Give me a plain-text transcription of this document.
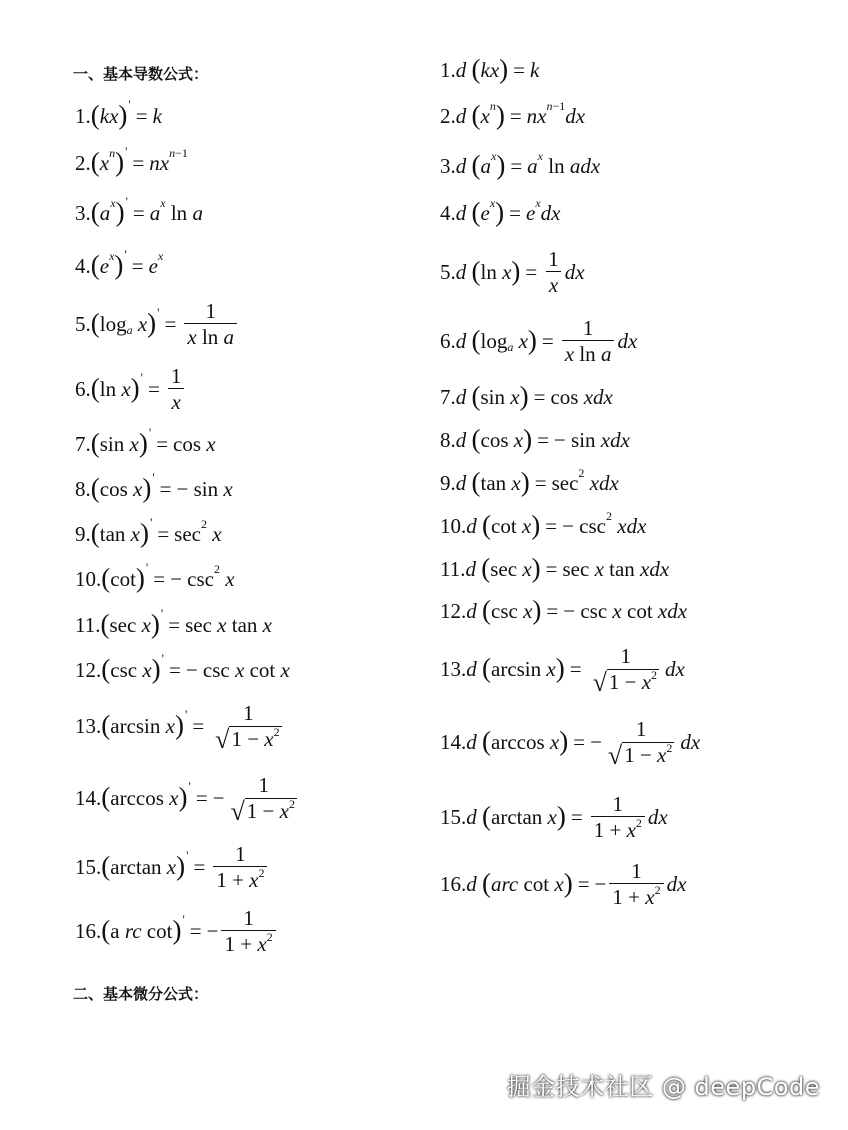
一、基本导数公式：
1. ( kx ) ' = k
2. ( x n ) ' = nx n−1
3. ( a x ) ' = a x ln a
4. ( e x ) ' = e x
5. ( log a
x ) ' = $\frac{1}{\text{x ln a}}$
6. ( ln x ) ' = $\frac{1}{x}$
7. ( sin x ) ' = cos x
8. ( cos x ) ' = − sin x
9. ( tan x ) ' = sec 2
x
10. ( cot ) ' = − csc 2
x
11. ( sec x ) ' = sec x tan x
12. ( csc x ) ' = − csc x cot x
13. ( arcsin x ) ' =
1
√ $1 - x^2$
14. ( arccos x ) ' = −
1
√ $1 - x^2$
15. ( arctan x ) ' = $\frac{1}{1 + x^2}$
16. ( a rc cot ) ' = − $\frac{1}{1 + x^2}$
二、基本微分公式：
1. d
( kx ) = k
2. d
( x n ) = nx n−1 dx
3. d
( a x ) = a x ln adx
4. d
( e x ) = e x dx
5. d
( ln x ) = $\frac{1}{x}$ dx
6. d
( log a
x ) = $\frac{1}{\text{x ln a}}$ dx
7. d
( sin x ) = cos xdx
8. d
( cos x ) = − sin xdx
9. d
( tan x ) = sec 2
xdx
10. d
( cot x ) = − csc 2
xdx
11. d
( sec x ) = sec x tan xdx
12. d
( csc x ) = − csc x cot xdx
13. d
( arcsin x ) =
1
√ $1 - x^2$ dx
14. d
( arccos x ) = −
1
√ $1 - x^2$ dx
15. d
( arctan x ) = $\frac{1}{1 + x^2}$ dx
16. d
( arc cot x ) = − $\frac{1}{1 + x^2}$ dx
掘金技术社区 @ deepCode
